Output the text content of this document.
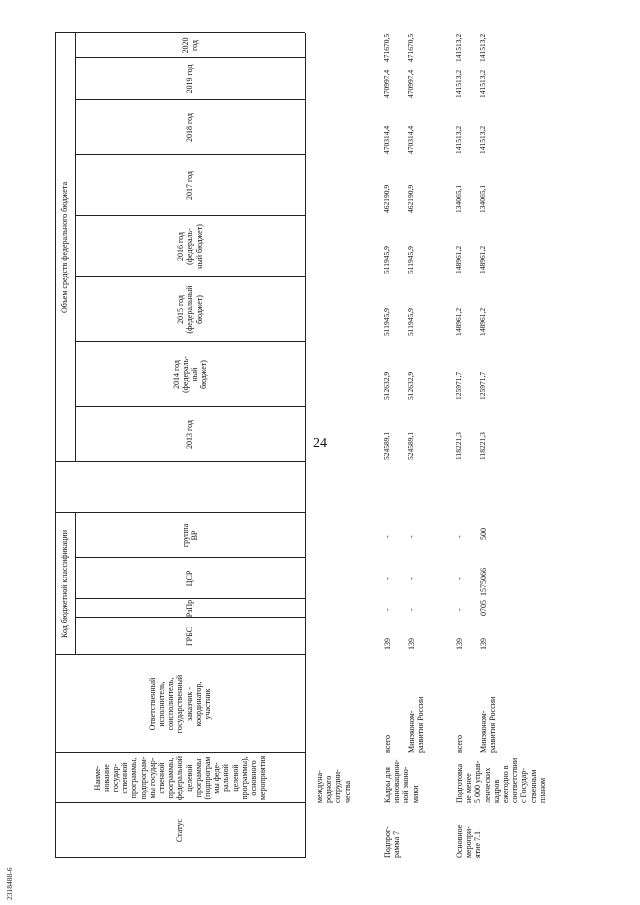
24
2318488-6
Статус
Наиме-
нование
государ-
ственной
программы,
подпрограм-
мы государ-
ственной
программы,
федеральной
целевой
программы
(подпрограм
мы феде-
ральной
целевой
программы),
основного
мероприятия
Ответственный
исполнитель,
соисполнитель,
государственный
заказчик -
координатор,
участник
Код бюджетной классификации	ГРБС
РзПр
ЦСР
группа
ВР
Объем средств федерального бюджета
2013 год
2014 год
(федераль-
ный
бюджет)
2015 год
(федеральный
бюджет)
2016 год
(федераль-
ный бюджет)
2017 год
2018 год
2019 год
междуна-
родного
сотрудни-
чества
Подпрог-
рамма 7
Кадры для
инновацион-
ной эконо-
мики
всего
139
-
-
-
524589,1
512632,9
511945,9
511945,9
462190,9
470314,4
470997,4
471670,5
Минэконом-
развития России
139
-
-
-
524589,1
512632,9
511945,9
511945,9
462190,9
470314,4
470997,4
471670,5
Основное
меропри-
ятие 7.1
Подготовка
не менее
5 000 управ-
ленческих
кадров
ежегодно в
соответствии
с Государ-
ственным
планом
всего
139
-
-
-
118221,3
125971,7
148961,2
148961,2
134065,1
141513,2
141513,2
141513,2
Минэконом-
развития России
139
0705
1575066
500
118221,3
125971,7
148961,2
148961,2
134065,1
141513,2
141513,2
141513,2
2020 год
